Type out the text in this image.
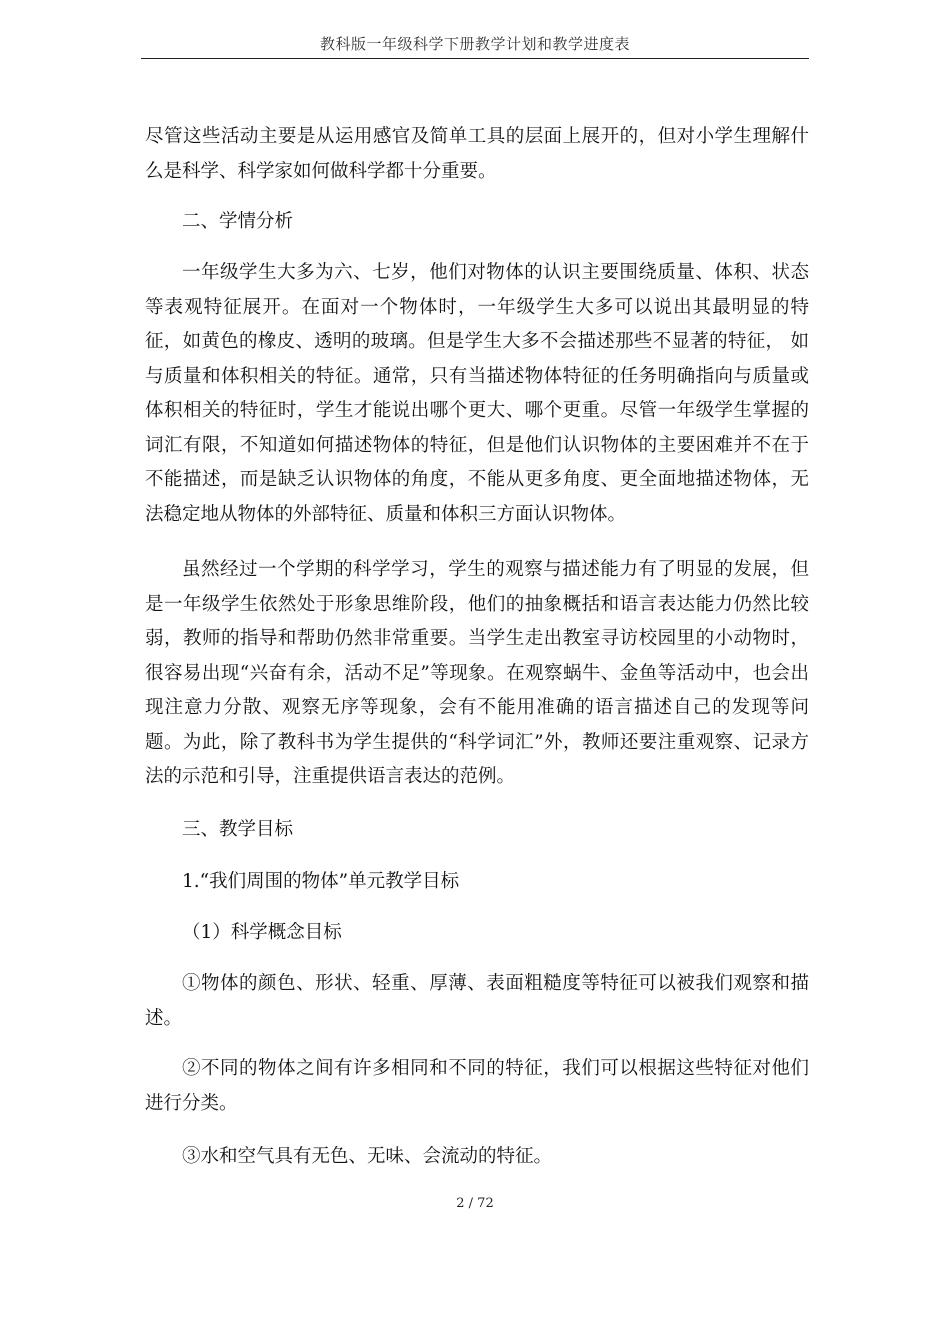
教科版一年级科学下册教学计划和教学进度表

尽管这些活动主要是从运用感官及简单工具的层面上展开的，但对小学生理解什么是科学、科学家如何做科学都十分重要。

二、学情分析

一年级学生大多为六、七岁，他们对物体的认识主要围绕质量、体积、状态等表观特征展开。在面对一个物体时，一年级学生大多可以说出其最明显的特征，如黄色的橡皮、透明的玻璃。但是学生大多不会描述那些不显著的特征， 如与质量和体积相关的特征。通常，只有当描述物体特征的任务明确指向与质量或体积相关的特征时，学生才能说出哪个更大、哪个更重。尽管一年级学生掌握的词汇有限，不知道如何描述物体的特征，但是他们认识物体的主要困难并不在于不能描述，而是缺乏认识物体的角度，不能从更多角度、更全面地描述物体，无法稳定地从物体的外部特征、质量和体积三方面认识物体。

虽然经过一个学期的科学学习，学生的观察与描述能力有了明显的发展，但是一年级学生依然处于形象思维阶段，他们的抽象概括和语言表达能力仍然比较弱，教师的指导和帮助仍然非常重要。当学生走出教室寻访校园里的小动物时，很容易出现“兴奋有余，活动不足”等现象。在观察蜗牛、金鱼等活动中，也会出现注意力分散、观察无序等现象，会有不能用准确的语言描述自己的发现等问题。为此，除了教科书为学生提供的“科学词汇”外，教师还要注重观察、记录方法的示范和引导，注重提供语言表达的范例。

三、教学目标

1.“我们周围的物体”单元教学目标

（1）科学概念目标

①物体的颜色、形状、轻重、厚薄、表面粗糙度等特征可以被我们观察和描述。

②不同的物体之间有许多相同和不同的特征，我们可以根据这些特征对他们进行分类。

③水和空气具有无色、无味、会流动的特征。

2 / 72
